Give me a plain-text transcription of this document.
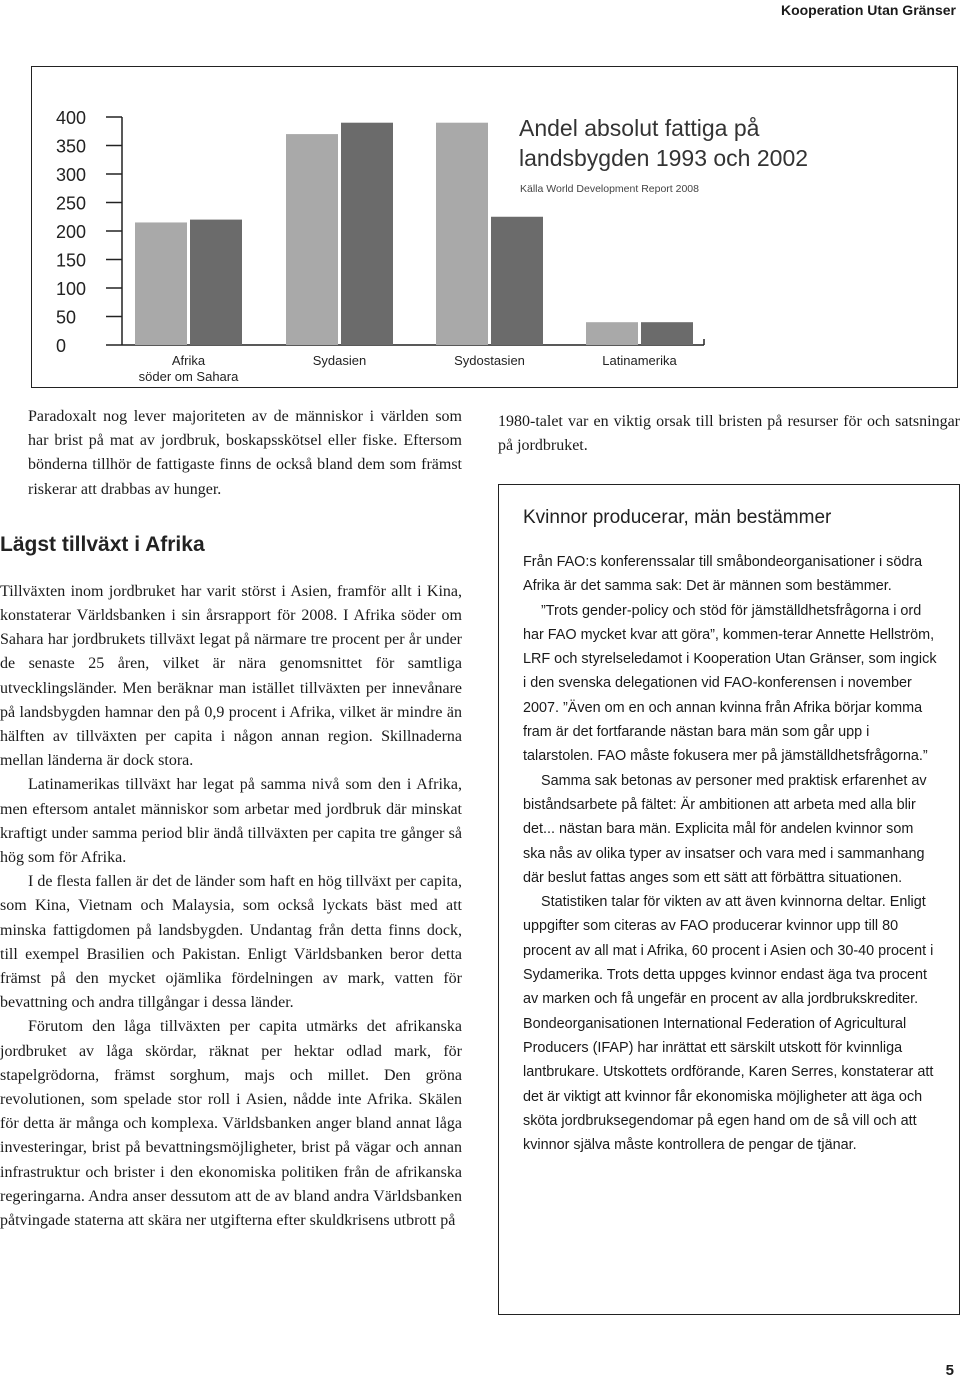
Kooperation Utan Gränser
0
50
100
150
200
250
300
350
400
Afrika
söder om Sahara
Sydasien	Sydostasien	Latinamerika
Andel absolut fattiga på
landsbygden 1993 och 2002
Källa World Development Report 2008

Paradoxalt nog lever majoriteten av de människor i världen som har brist på mat av jordbruk, boskapsskötsel eller fiske. Eftersom bönderna tillhör de fattigaste finns de också bland dem som främst riskerar att drabbas av hunger.

Lägst tillväxt i Afrika

Tillväxten inom jordbruket har varit störst i Asien, framför allt i Kina, konstaterar Världsbanken i sin årsrapport för 2008. I Afrika söder om Sahara har jordbrukets tillväxt legat på närmare tre procent per år under de senaste 25 åren, vilket är nära genomsnittet för samtliga utvecklingsländer. Men beräknar man istället tillväxten per innevånare på landsbygden hamnar den på 0,9 procent i Afrika, vilket är mindre än hälften av tillväxten per capita i någon annan region. Skillnaderna mellan länderna är dock stora.

Latinamerikas tillväxt har legat på samma nivå som den i Afrika, men eftersom antalet människor som arbetar med jordbruk där minskat kraftigt under samma period blir ändå tillväxten per capita tre gånger så hög som för Afrika.

I de flesta fallen är det de länder som haft en hög tillväxt per capita, som Kina, Vietnam och Malaysia, som också lyckats bäst med att minska fattigdomen på landsbygden. Undantag från detta finns dock, till exempel Brasilien och Pakistan. Enligt Världsbanken beror detta främst på den mycket ojämlika fördelningen av mark, vatten för bevattning och andra tillgångar i dessa länder.

Förutom den låga tillväxten per capita utmärks det afrikanska jordbruket av låga skördar, räknat per hektar odlad mark, för stapelgrödorna, främst sorghum, majs och millet. Den gröna revolutionen, som spelade stor roll i Asien, nådde inte Afrika. Skälen för detta är många och komplexa. Världsbanken anger bland annat låga investeringar, brist på bevattningsmöjligheter, brist på vägar och annan infrastruktur och brister i den ekonomiska politiken från de afrikanska regeringarna. Andra anser dessutom att de av bland andra Världsbanken påtvingade staterna att skära ner utgifterna efter skuldkrisens utbrott på

1980-talet var en viktig orsak till bristen på resurser för och satsningar på jordbruket.
Kvinnor producerar, män bestämmer

Från FAO:s konferenssalar till småbondeorganisationer i södra Afrika är det samma sak: Det är männen som bestämmer.

”Trots gender-policy och stöd för jämställdhetsfrågorna i ord har FAO mycket kvar att göra”, kommen-terar Annette Hellström, LRF och styrelseledamot i Kooperation Utan Gränser, som ingick i den svenska delegationen vid FAO-konferensen i november 2007. ”Även om en och annan kvinna från Afrika börjar komma fram är det fortfarande nästan bara män som går upp i talarstolen. FAO måste fokusera mer på jämställdhetsfrågorna.”

Samma sak betonas av personer med praktisk erfarenhet av biståndsarbete på fältet: Är ambitionen att arbeta med alla blir det... nästan bara män. Explicita mål för andelen kvinnor som ska nås av olika typer av insatser och vara med i sammanhang där beslut fattas anges som ett sätt att förbättra situationen.

Statistiken talar för vikten av att även kvinnorna deltar. Enligt uppgifter som citeras av FAO producerar kvinnor upp till 80 procent av all mat i Afrika, 60 procent i Asien och 30-40 procent i Sydamerika. Trots detta uppges kvinnor endast äga tva procent av marken och få ungefär en procent av alla jordbrukskrediter. Bondeorganisationen International Federation of Agricultural Producers (IFAP) har inrättat ett särskilt utskott för kvinnliga lantbrukare. Utskottets ordförande, Karen Serres, konstaterar att det är viktigt att kvinnor får ekonomiska möjligheter att äga och sköta jordbruksegendomar på egen hand om de så vill och att kvinnor själva måste kontrollera de pengar de tjänar.

5
